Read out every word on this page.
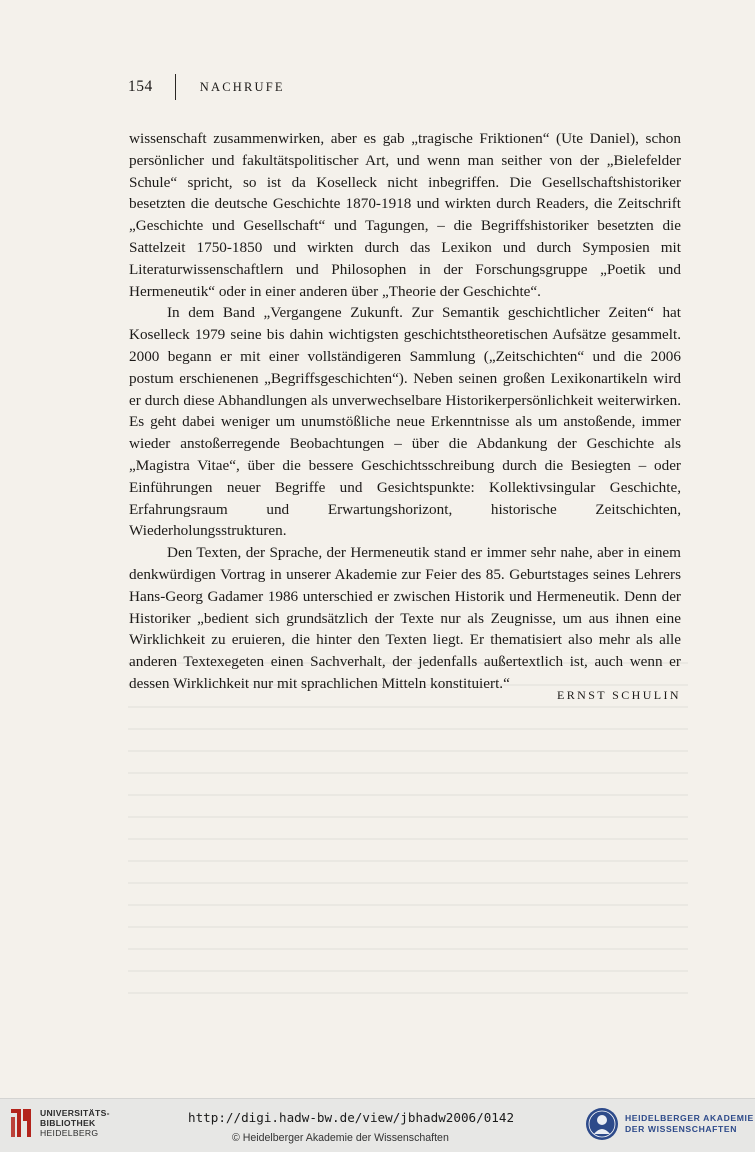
154	NACHRUFE

wissenschaft zusammenwirken, aber es gab „tragische Friktionen“ (Ute Daniel), schon persönlicher und fakultätspolitischer Art, und wenn man seither von der „Bielefelder Schule“ spricht, so ist da Koselleck nicht inbegriffen. Die Gesellschaftshistoriker besetzten die deutsche Geschichte 1870-1918 und wirkten durch Readers, die Zeitschrift „Geschichte und Gesellschaft“ und Tagungen, – die Begriffshistoriker besetzten die Sattelzeit 1750-1850 und wirkten durch das Lexikon und durch Symposien mit Literaturwissenschaftlern und Philosophen in der Forschungsgruppe „Poetik und Hermeneutik“ oder in einer anderen über „Theorie der Geschichte“.

In dem Band „Vergangene Zukunft. Zur Semantik geschichtlicher Zeiten“ hat Koselleck 1979 seine bis dahin wichtigsten geschichtstheoretischen Aufsätze gesammelt. 2000 begann er mit einer vollständigeren Sammlung („Zeitschichten“ und die 2006 postum erschienenen „Begriffsgeschichten“). Neben seinen großen Lexikonartikeln wird er durch diese Abhandlungen als unverwechselbare Historikerpersönlichkeit weiterwirken. Es geht dabei weniger um unumstößliche neue Erkenntnisse als um anstoßende, immer wieder anstoßerregende Beobachtungen – über die Abdankung der Geschichte als „Magistra Vitae“, über die bessere Geschichtsschreibung durch die Besiegten – oder Einführungen neuer Begriffe und Gesichtspunkte: Kollektivsingular Geschichte, Erfahrungsraum und Erwartungshorizont, historische Zeitschichten, Wiederholungsstrukturen.

Den Texten, der Sprache, der Hermeneutik stand er immer sehr nahe, aber in einem denkwürdigen Vortrag in unserer Akademie zur Feier des 85. Geburtstages seines Lehrers Hans-Georg Gadamer 1986 unterschied er zwischen Historik und Hermeneutik. Denn der Historiker „bedient sich grundsätzlich der Texte nur als Zeugnisse, um aus ihnen eine Wirklichkeit zu eruieren, die hinter den Texten liegt. Er thematisiert also mehr als alle anderen Textexegeten einen Sachverhalt, der jedenfalls außertextlich ist, auch wenn er dessen Wirklichkeit nur mit sprachlichen Mitteln konstituiert.“

ERNST SCHULIN
UNIVERSITÄTS-
BIBLIOTHEK
HEIDELBERG
http://digi.hadw-bw.de/view/jbhadw2006/0142
© Heidelberger Akademie der Wissenschaften
HEIDELBERGER AKADEMIE
DER WISSENSCHAFTEN
